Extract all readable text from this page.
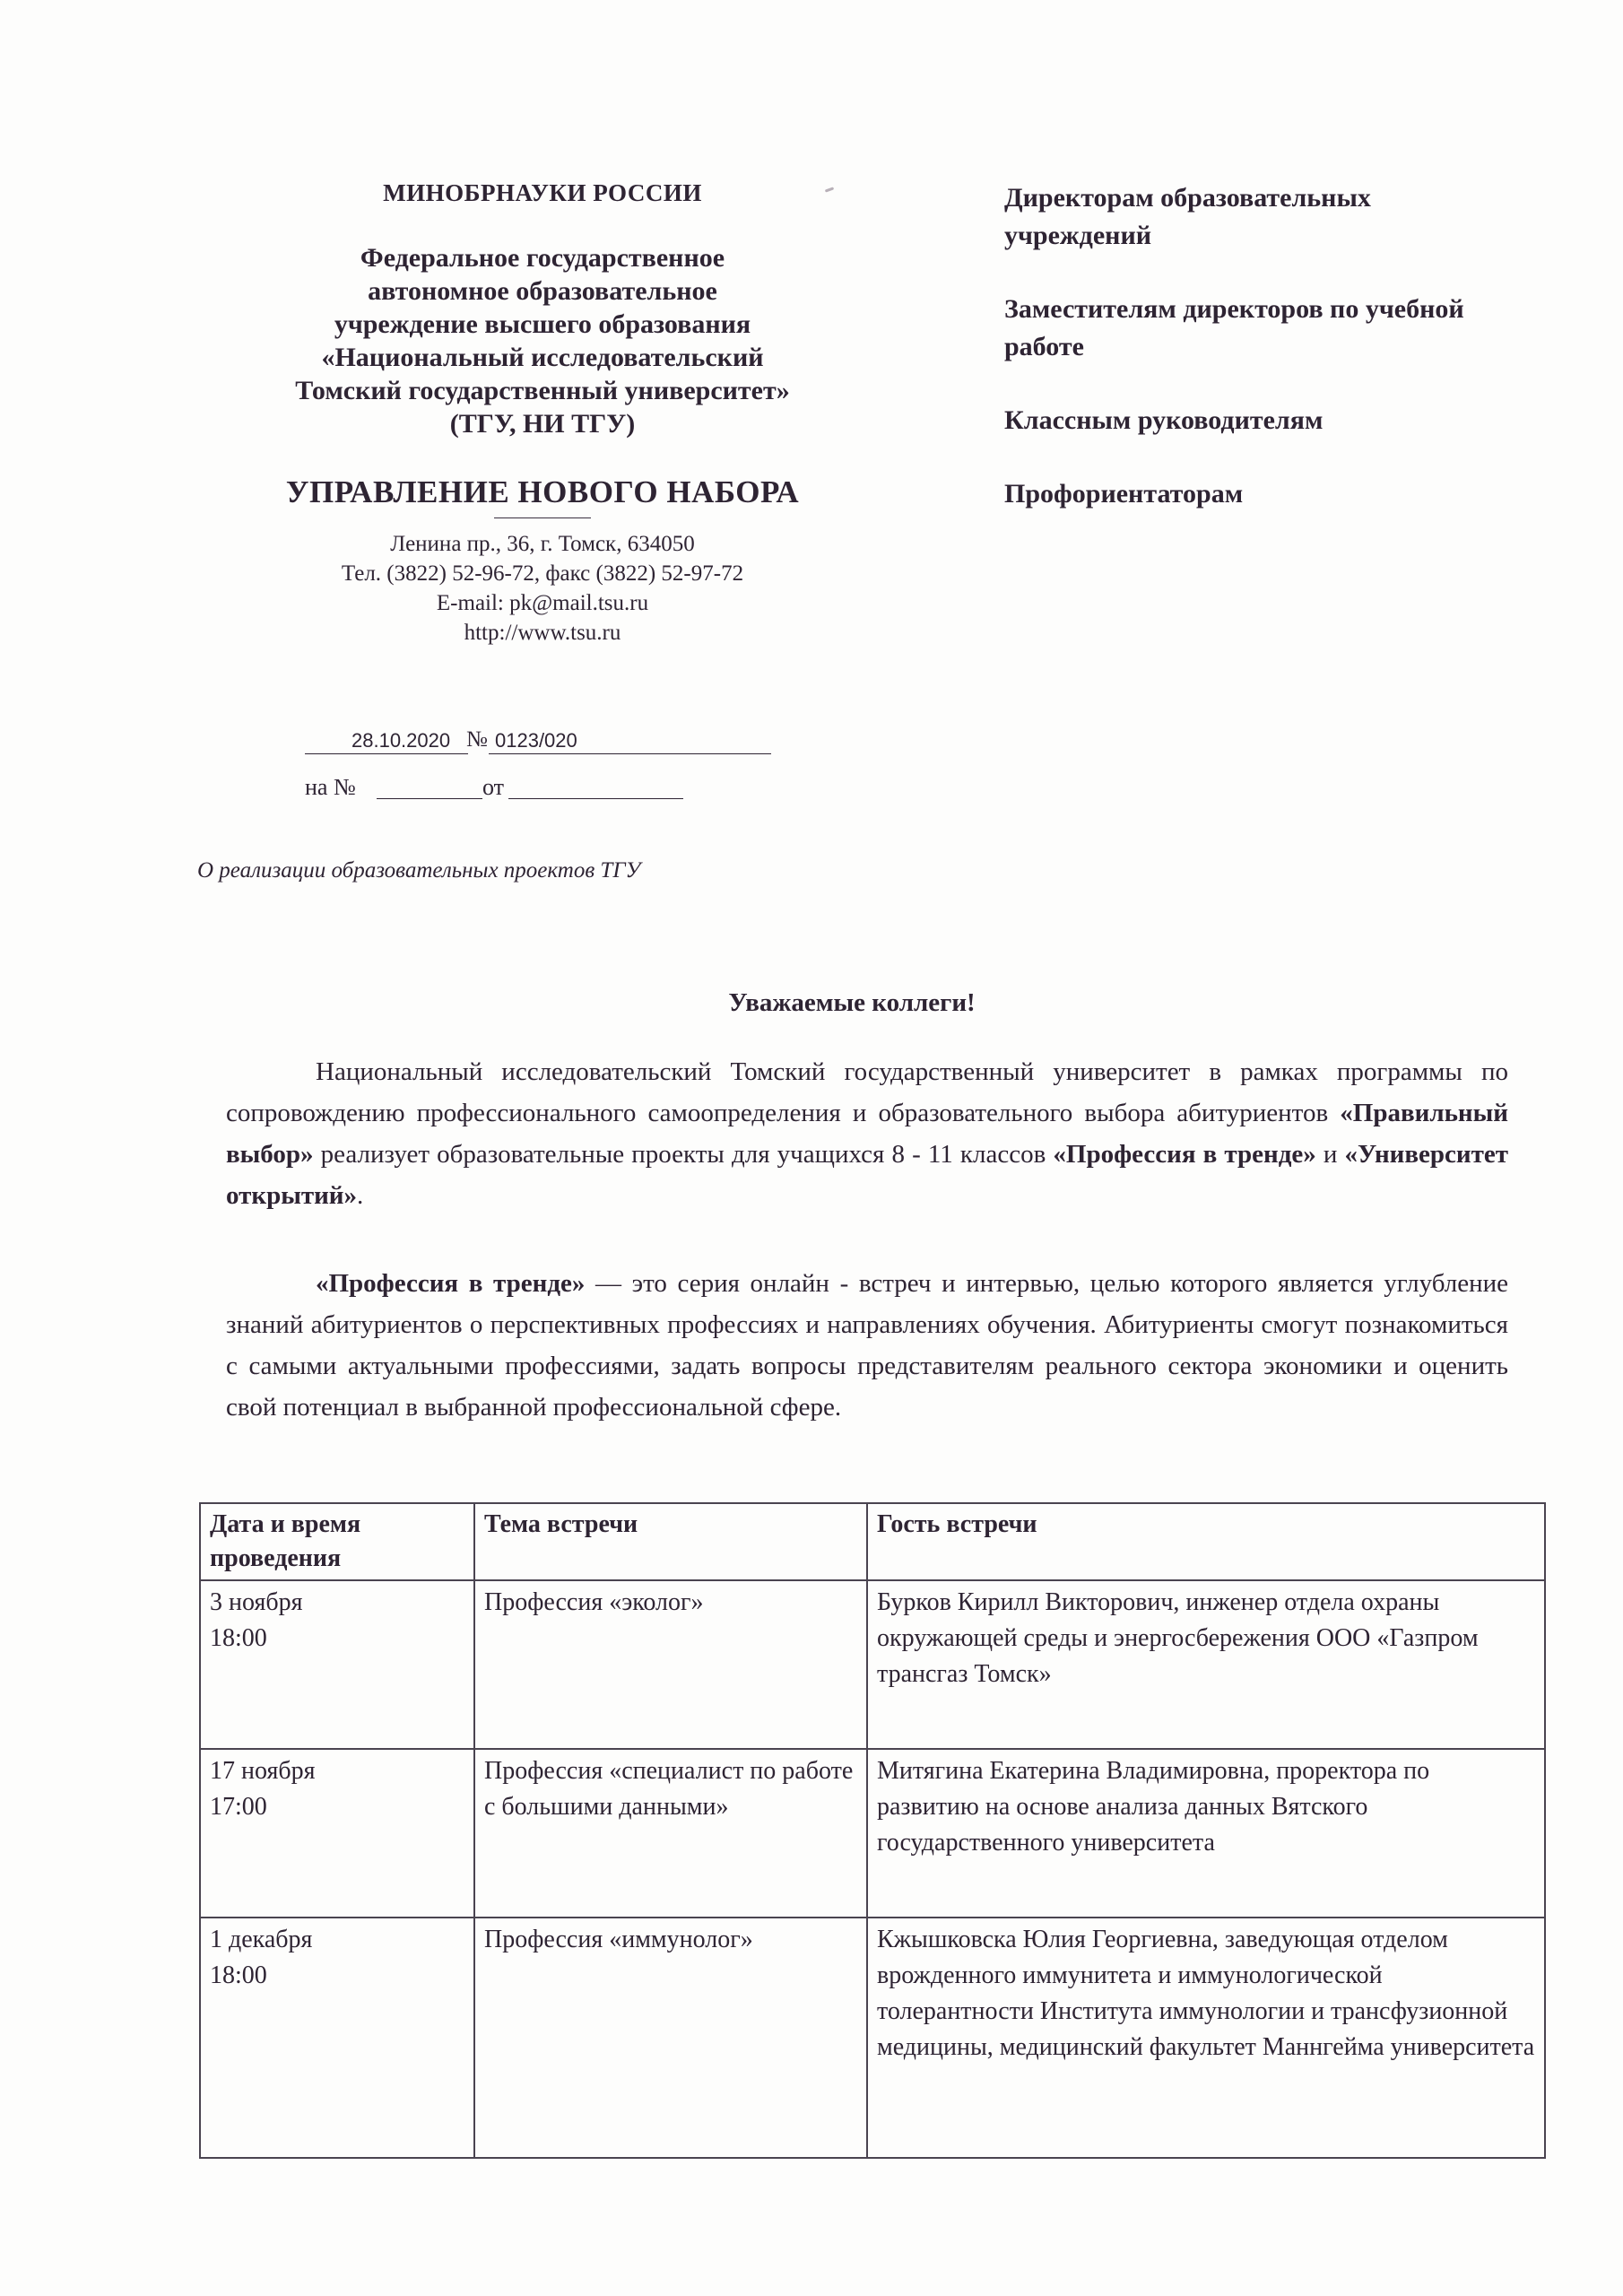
МИНОБРНАУКИ РОССИИ
Федеральное государственное
автономное образовательное
учреждение высшего образования
«Национальный исследовательский
Томский государственный университет»
(ТГУ, НИ ТГУ)
УПРАВЛЕНИЕ НОВОГО НАБОРА
Ленина пр., 36, г. Томск, 634050
Тел. (3822) 52-96-72, факс (3822) 52-97-72
E-mail: pk@mail.tsu.ru
http://www.tsu.ru
28.10.2020 № 0123/020
на №	от
О реализации образовательных проектов ТГУ
Директорам образовательных учреждений
Заместителям директоров по учебной работе
Классным руководителям
Профориентаторам
Уважаемые коллеги!

Национальный исследовательский Томский государственный университет в рамках программы по сопровождению профессионального самоопределения и образовательного выбора абитуриентов «Правильный выбор» реализует образовательные проекты для учащихся 8 - 11 классов «Профессия в тренде» и «Университет открытий».

«Профессия в тренде» — это серия онлайн - встреч и интервью, целью которого является углубление знаний абитуриентов о перспективных профессиях и направлениях обучения. Абитуриенты смогут познакомиться с самыми актуальными профессиями, задать вопросы представителям реального сектора экономики и оценить свой потенциал в выбранной профессиональной сфере.

Дата и время проведения	Тема встречи	Гость встречи

3 ноября
18:00	Профессия «эколог»	Бурков Кирилл Викторович, инженер отдела охраны окружающей среды и энергосбережения ООО «Газпром трансгаз Томск»

17 ноября
17:00	Профессия «специалист по работе с большими данными»	Митягина Екатерина Владимировна, проректора по развитию на основе анализа данных Вятского государственного университета

1 декабря
18:00	Профессия «иммунолог»	Кжышковска Юлия Георгиевна, заведующая отделом врожденного иммунитета и иммунологической толерантности Института иммунологии и трансфузионной медицины, медицинский факультет Маннгейма университета
